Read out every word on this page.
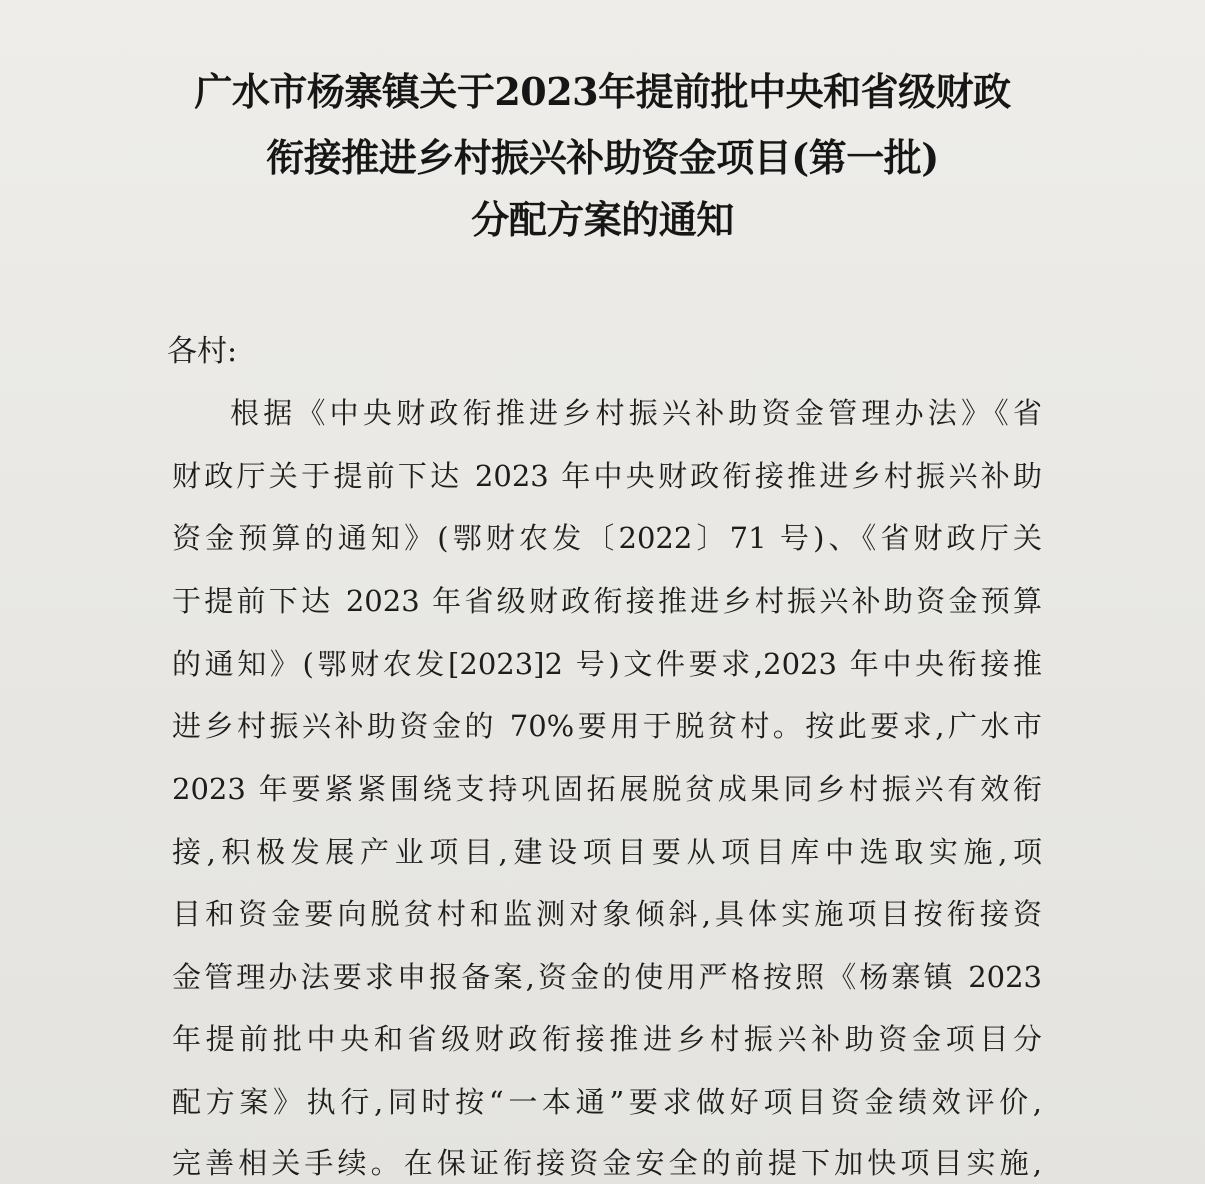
广水市杨寨镇关于2023年提前批中央和省级财政
衔接推进乡村振兴补助资金项目(第一批)
分配方案的通知
各村:
根据《中央财政衔推进乡村振兴补助资金管理办法》《省
财政厅关于提前下达 2023 年中央财政衔接推进乡村振兴补助
资金预算的通知》(鄂财农发〔2022〕71 号)、《省财政厅关
于提前下达 2023 年省级财政衔接推进乡村振兴补助资金预算
的通知》(鄂财农发[2023]2 号)文件要求,2023 年中央衔接推
进乡村振兴补助资金的 70%要用于脱贫村。按此要求,广水市
2023 年要紧紧围绕支持巩固拓展脱贫成果同乡村振兴有效衔
接,积极发展产业项目,建设项目要从项目库中选取实施,项
目和资金要向脱贫村和监测对象倾斜,具体实施项目按衔接资
金管理办法要求申报备案,资金的使用严格按照《杨寨镇 2023
年提前批中央和省级财政衔接推进乡村振兴补助资金项目分
配方案》执行,同时按“一本通”要求做好项目资金绩效评价,
完善相关手续。在保证衔接资金安全的前提下加快项目实施,
